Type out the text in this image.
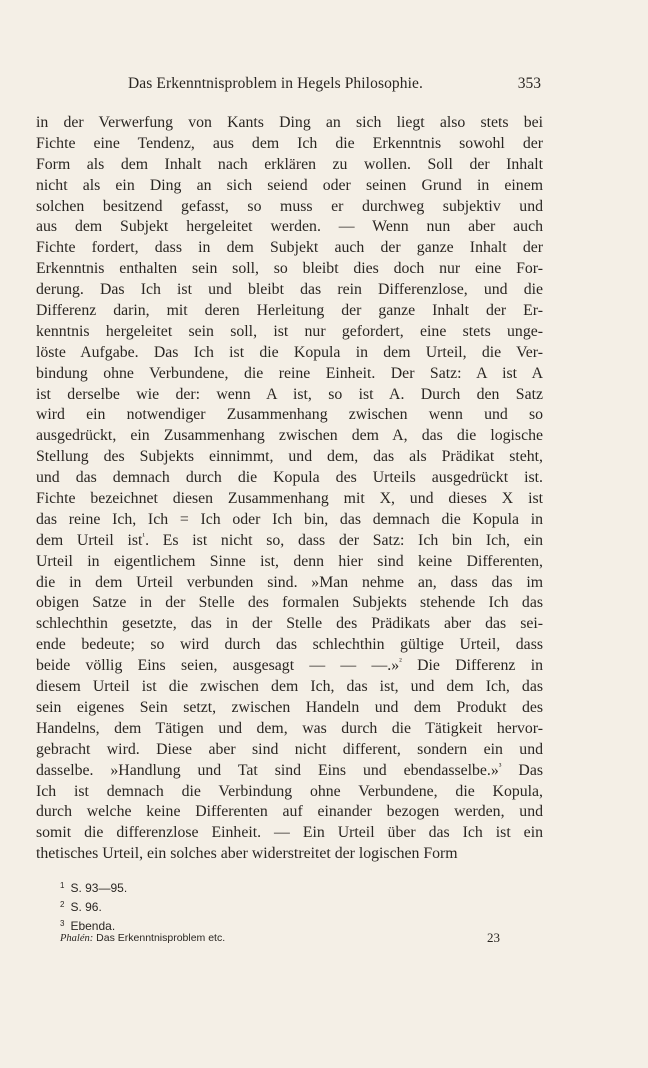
Das Erkenntnisproblem in Hegels Philosophie.	353
in der Verwerfung von Kants Ding an sich liegt also stets bei
Fichte eine Tendenz, aus dem Ich die Erkenntnis sowohl der
Form als dem Inhalt nach erklären zu wollen. Soll der Inhalt
nicht als ein Ding an sich seiend oder seinen Grund in einem
solchen besitzend gefasst, so muss er durchweg subjektiv und
aus dem Subjekt hergeleitet werden. — Wenn nun aber auch
Fichte fordert, dass in dem Subjekt auch der ganze Inhalt der
Erkenntnis enthalten sein soll, so bleibt dies doch nur eine For-
derung. Das Ich ist und bleibt das rein Differenzlose, und die
Differenz darin, mit deren Herleitung der ganze Inhalt der Er-
kenntnis hergeleitet sein soll, ist nur gefordert, eine stets unge-
löste Aufgabe. Das Ich ist die Kopula in dem Urteil, die Ver-
bindung ohne Verbundene, die reine Einheit. Der Satz: A ist A
ist derselbe wie der: wenn A ist, so ist A. Durch den Satz
wird ein notwendiger Zusammenhang zwischen wenn und so
ausgedrückt, ein Zusammenhang zwischen dem A, das die logische
Stellung des Subjekts einnimmt, und dem, das als Prädikat steht,
und das demnach durch die Kopula des Urteils ausgedrückt ist.
Fichte bezeichnet diesen Zusammenhang mit X, und dieses X ist
das reine Ich, Ich = Ich oder Ich bin, das demnach die Kopula in
dem Urteil ist$^{^1}$. Es ist nicht so, dass der Satz: Ich bin Ich, ein
Urteil in eigentlichem Sinne ist, denn hier sind keine Differenten,
die in dem Urteil verbunden sind. »Man nehme an, dass das im
obigen Satze in der Stelle des formalen Subjekts stehende Ich das
schlechthin gesetzte, das in der Stelle des Prädikats aber das sei-
ende bedeute; so wird durch das schlechthin gültige Urteil, dass
beide völlig Eins seien, ausgesagt — — —.»$^{^2}$ Die Differenz in
diesem Urteil ist die zwischen dem Ich, das ist, und dem Ich, das
sein eigenes Sein setzt, zwischen Handeln und dem Produkt des
Handelns, dem Tätigen und dem, was durch die Tätigkeit hervor-
gebracht wird. Diese aber sind nicht different, sondern ein und
dasselbe. »Handlung und Tat sind Eins und ebendasselbe.»$^{^3}$ Das
Ich ist demnach die Verbindung ohne Verbundene, die Kopula,
durch welche keine Differenten auf einander bezogen werden, und
somit die differenzlose Einheit. — Ein Urteil über das Ich ist ein
thetisches Urteil, ein solches aber widerstreitet der logischen Form
$^1$ S. 93—95.
$^2$ S. 96.
$^3$ Ebenda.
Phalén: Das Erkenntnisproblem etc.	23
